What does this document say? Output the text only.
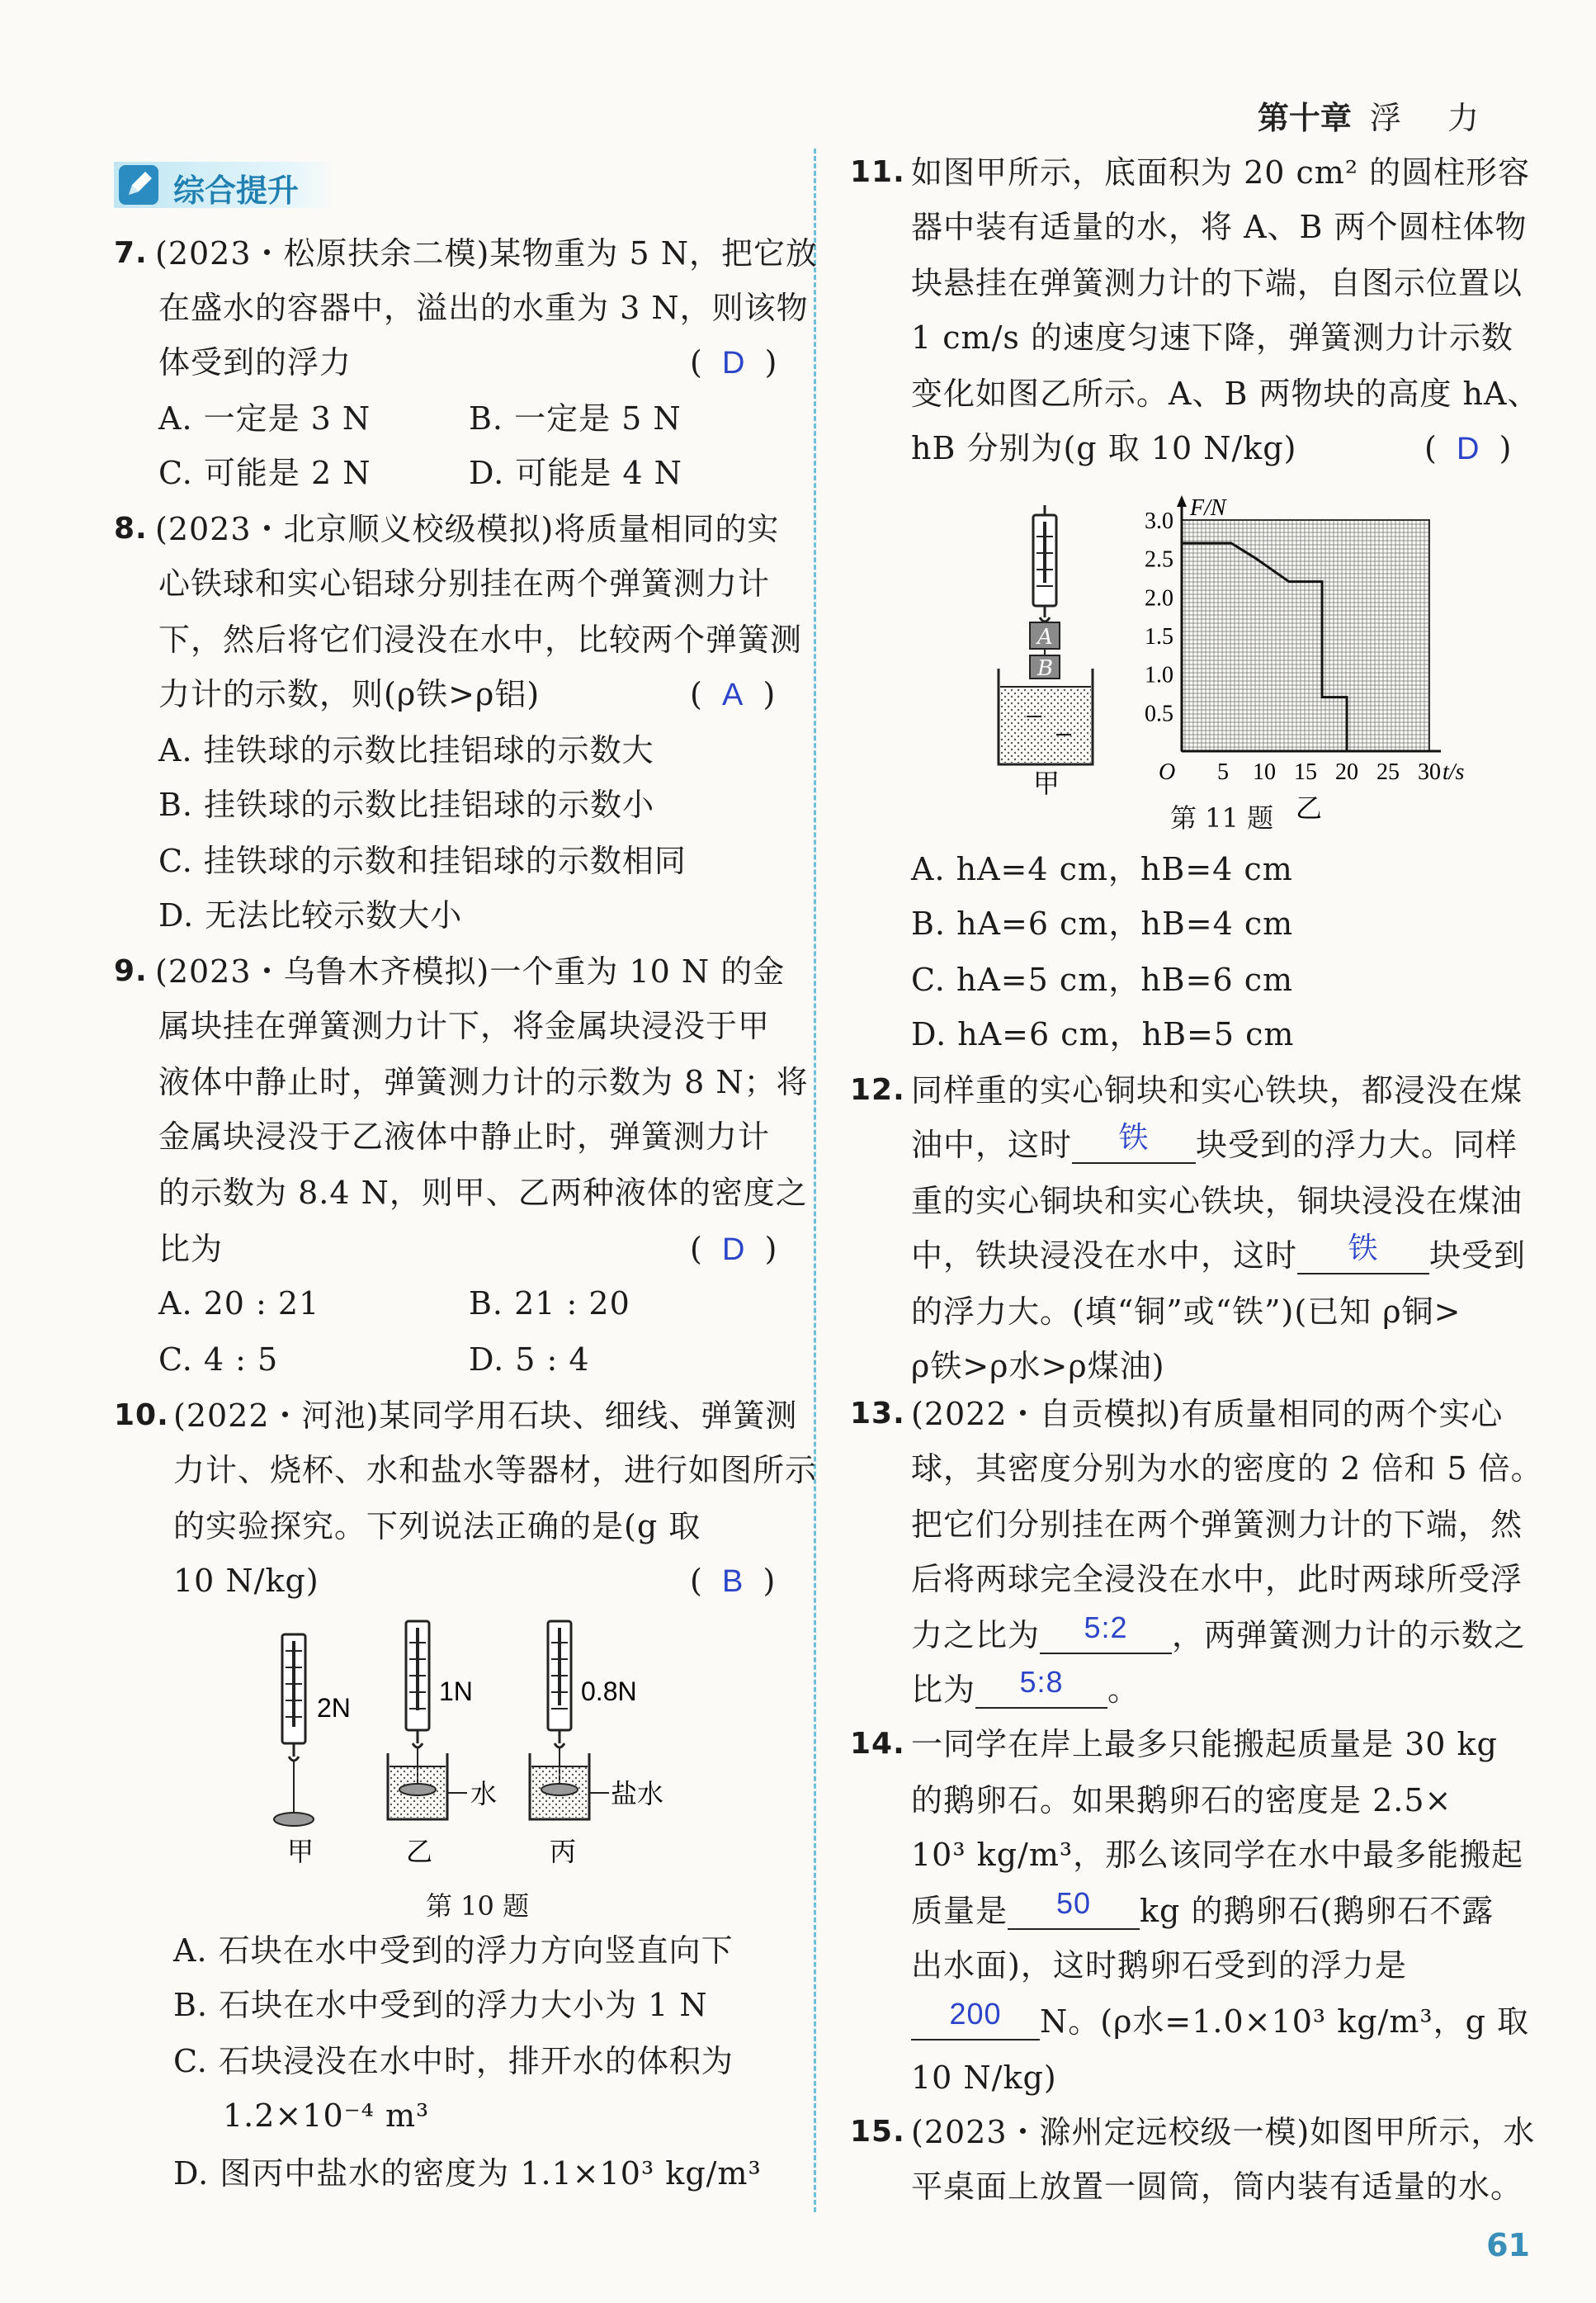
第十章 浮 力
综合提升
7. (2023・松原扶余二模)某物重为 5 N，把它放
在盛水的容器中，溢出的水重为 3 N，则该物
体受到的浮力	(  D  )
A. 一定是 3 N	B. 一定是 5 N
C. 可能是 2 N	D. 可能是 4 N
8. (2023・北京顺义校级模拟)将质量相同的实
心铁球和实心铝球分别挂在两个弹簧测力计
下，然后将它们浸没在水中，比较两个弹簧测
力计的示数，则(ρ铁>ρ铝)	(  A  )
A. 挂铁球的示数比挂铝球的示数大
B. 挂铁球的示数比挂铝球的示数小
C. 挂铁球的示数和挂铝球的示数相同
D. 无法比较示数大小
9. (2023・乌鲁木齐模拟)一个重为 10 N 的金
属块挂在弹簧测力计下，将金属块浸没于甲
液体中静止时，弹簧测力计的示数为 8 N；将
金属块浸没于乙液体中静止时，弹簧测力计
的示数为 8.4 N，则甲、乙两种液体的密度之
比为	(  D  )
A. 20 : 21	B. 21 : 20
C. 4 : 5	D. 5 : 4
10. (2022・河池)某同学用石块、细线、弹簧测
力计、烧杯、水和盐水等器材，进行如图所示
的实验探究。下列说法正确的是(g 取
10 N/kg)	(  B  )
2N
甲
1N
水
乙
0.8N
盐水
丙
第 10 题
A. 石块在水中受到的浮力方向竖直向下
B. 石块在水中受到的浮力大小为 1 N
C. 石块浸没在水中时，排开水的体积为
1.2×10⁻⁴ m³
D. 图丙中盐水的密度为 1.1×10³ kg/m³
11. 如图甲所示，底面积为 20 cm² 的圆柱形容
器中装有适量的水，将 A、B 两个圆柱体物
块悬挂在弹簧测力计的下端，自图示位置以
1 cm/s 的速度匀速下降，弹簧测力计示数
变化如图乙所示。A、B 两物块的高度 hA、
hB 分别为(g 取 10 N/kg)	(  D  )
A
B
甲
0.5
1.0
1.5
2.0
2.5
3.0
5 10 15 20 25 30
O
F/N
t/s
乙
第 11 题
A. hA=4 cm，hB=4 cm
B. hA=6 cm，hB=4 cm
C. hA=5 cm，hB=6 cm
D. hA=6 cm，hB=5 cm
12. 同样重的实心铜块和实心铁块，都浸没在煤
油中，这时 铁 块受到的浮力大。同样
重的实心铜块和实心铁块，铜块浸没在煤油
中，铁块浸没在水中，这时 铁 块受到
的浮力大。(填“铜”或“铁”)(已知 ρ铜>
ρ铁>ρ水>ρ煤油)
13. (2022・自贡模拟)有质量相同的两个实心
球，其密度分别为水的密度的 2 倍和 5 倍。
把它们分别挂在两个弹簧测力计的下端，然
后将两球完全浸没在水中，此时两球所受浮
力之比为 5:2 ，两弹簧测力计的示数之
比为 5:8 。
14. 一同学在岸上最多只能搬起质量是 30 kg
的鹅卵石。如果鹅卵石的密度是 2.5×
10³ kg/m³，那么该同学在水中最多能搬起
质量是 50 kg 的鹅卵石(鹅卵石不露
出水面)，这时鹅卵石受到的浮力是
200 N。(ρ水=1.0×10³ kg/m³，g 取
10 N/kg)
15. (2023・滁州定远校级一模)如图甲所示，水
平桌面上放置一圆筒，筒内装有适量的水。
61
